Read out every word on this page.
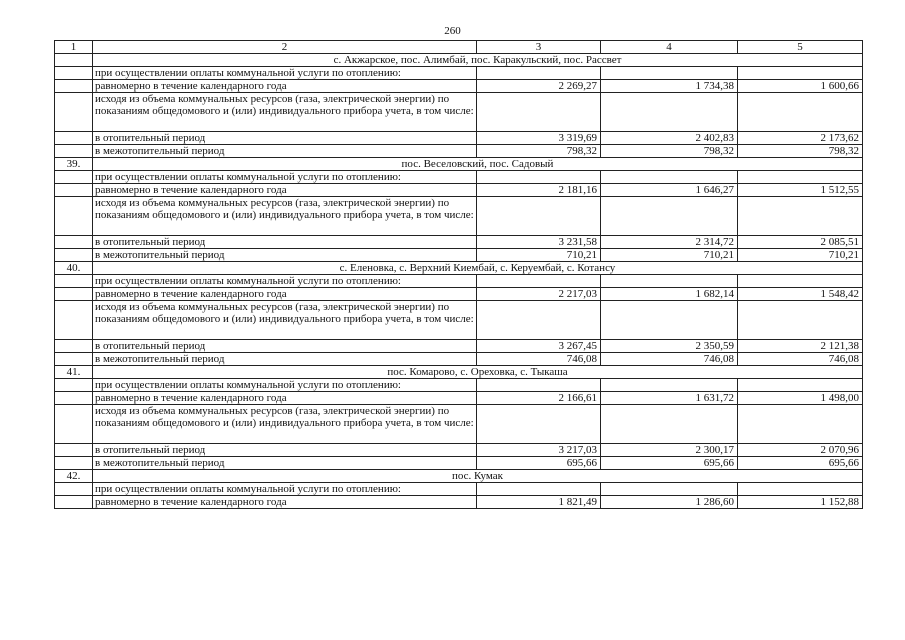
260
1	2	3	4	5
	с. Акжарское, пос. Алимбай, пос. Каракульский, пос. Рассвет			
	при осуществлении оплаты коммунальной услуги по отоплению:			
	равномерно в течение календарного года	2 269,27	1 734,38	1 600,66
	исходя из объема коммунальных ресурсов (газа, электрической энергии) по показаниям общедомового и (или) индивидуального прибора учета, в том числе:			
	в отопительный период	3 319,69	2 402,83	2 173,62
	в межотопительный период	798,32	798,32	798,32
39.	пос. Веселовский, пос. Садовый			
	при осуществлении оплаты коммунальной услуги по отоплению:			
	равномерно в течение календарного года	2 181,16	1 646,27	1 512,55
	исходя из объема коммунальных ресурсов (газа, электрической энергии) по показаниям общедомового и (или) индивидуального прибора учета, в том числе:			
	в отопительный период	3 231,58	2 314,72	2 085,51
	в межотопительный период	710,21	710,21	710,21
40.	с. Еленовка, с. Верхний Киембай, с. Керуембай, с. Котансу			
	при осуществлении оплаты коммунальной услуги по отоплению:			
	равномерно в течение календарного года	2 217,03	1 682,14	1 548,42
	исходя из объема коммунальных ресурсов (газа, электрической энергии) по показаниям общедомового и (или) индивидуального прибора учета, в том числе:			
	в отопительный период	3 267,45	2 350,59	2 121,38
	в межотопительный период	746,08	746,08	746,08
41.	пос. Комарово, с. Ореховка, с. Тыкаша			
	при осуществлении оплаты коммунальной услуги по отоплению:			
	равномерно в течение календарного года	2 166,61	1 631,72	1 498,00
	исходя из объема коммунальных ресурсов (газа, электрической энергии) по показаниям общедомового и (или) индивидуального прибора учета, в том числе:			
	в отопительный период	3 217,03	2 300,17	2 070,96
	в межотопительный период	695,66	695,66	695,66
42.	пос. Кумак			
	при осуществлении оплаты коммунальной услуги по отоплению:			
	равномерно в течение календарного года	1 821,49	1 286,60	1 152,88
